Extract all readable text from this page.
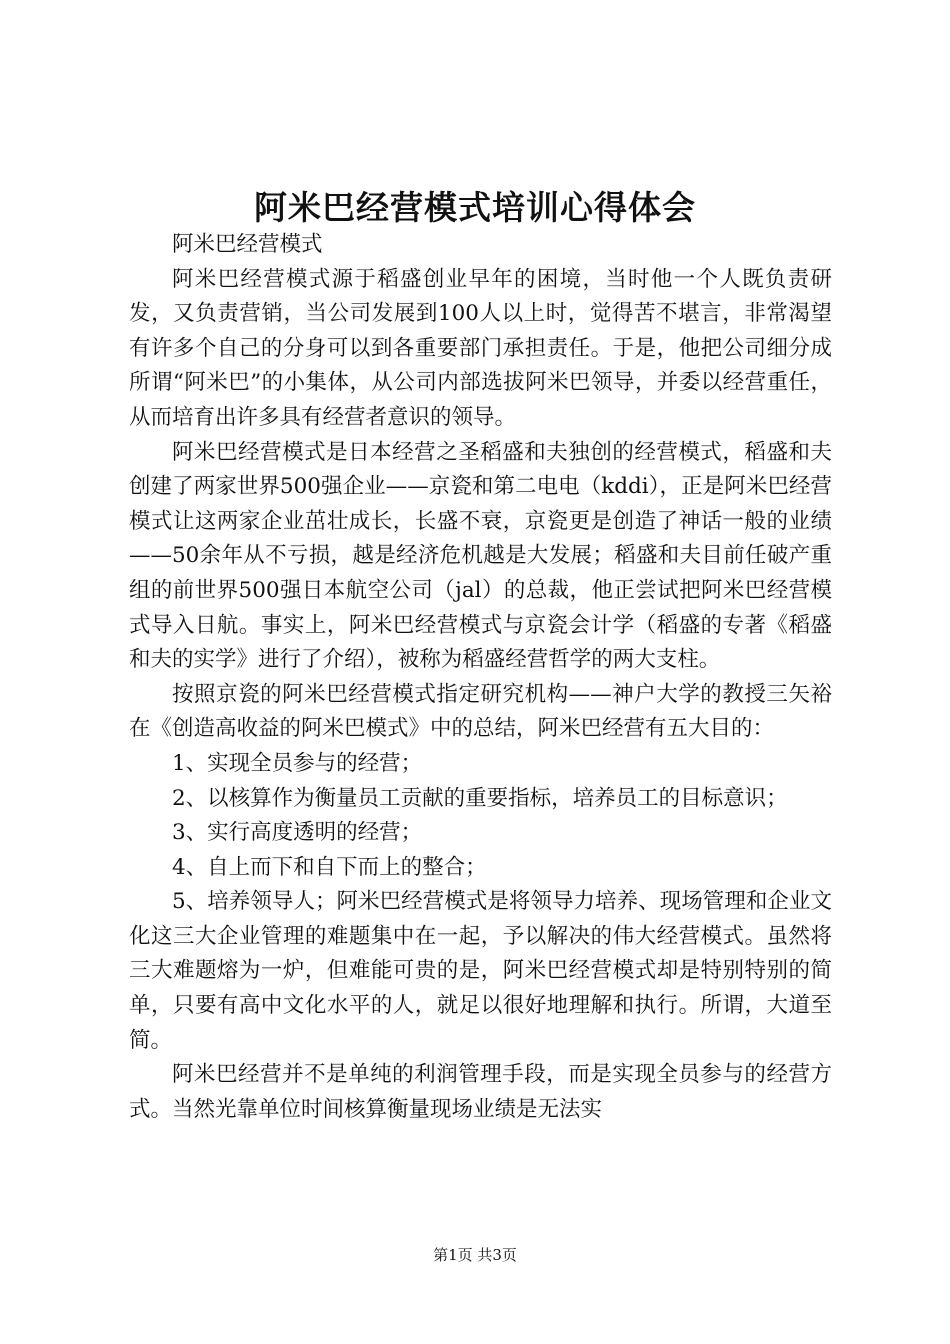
阿米巴经营模式培训心得体会

阿米巴经营模式

阿米巴经营模式源于稻盛创业早年的困境，当时他一个人既负责研发，又负责营销，当公司发展到100人以上时，觉得苦不堪言，非常渴望有许多个自己的分身可以到各重要部门承担责任。于是，他把公司细分成所谓“阿米巴”的小集体，从公司内部选拔阿米巴领导，并委以经营重任，从而培育出许多具有经营者意识的领导。

阿米巴经营模式是日本经营之圣稻盛和夫独创的经营模式，稻盛和夫创建了两家世界500强企业——京瓷和第二电电（kddi），正是阿米巴经营模式让这两家企业茁壮成长，长盛不衰，京瓷更是创造了神话一般的业绩——50余年从不亏损，越是经济危机越是大发展；稻盛和夫目前任破产重组的前世界500强日本航空公司（jal）的总裁，他正尝试把阿米巴经营模式导入日航。事实上，阿米巴经营模式与京瓷会计学（稻盛的专著《稻盛和夫的实学》进行了介绍），被称为稻盛经营哲学的两大支柱。

按照京瓷的阿米巴经营模式指定研究机构——神户大学的教授三矢裕在《创造高收益的阿米巴模式》中的总结，阿米巴经营有五大目的：

1、实现全员参与的经营；

2、以核算作为衡量员工贡献的重要指标，培养员工的目标意识；

3、实行高度透明的经营；

4、自上而下和自下而上的整合；

5、培养领导人；阿米巴经营模式是将领导力培养、现场管理和企业文化这三大企业管理的难题集中在一起，予以解决的伟大经营模式。虽然将三大难题熔为一炉，但难能可贵的是，阿米巴经营模式却是特别特别的简单，只要有高中文化水平的人，就足以很好地理解和执行。所谓，大道至简。

阿米巴经营并不是单纯的利润管理手段，而是实现全员参与的经营方式。当然光靠单位时间核算衡量现场业绩是无法实

第1页 共3页
